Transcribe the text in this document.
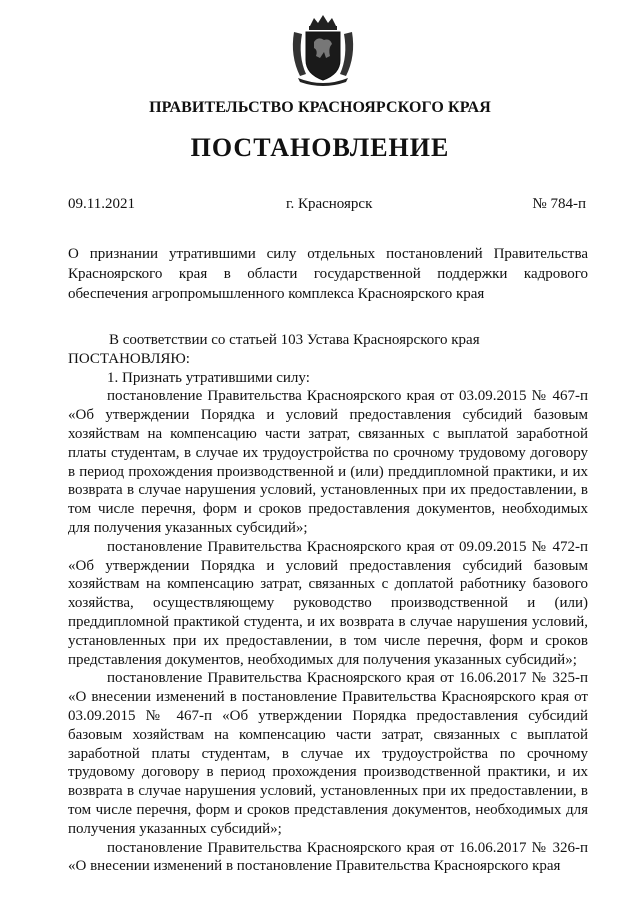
ПРАВИТЕЛЬСТВО КРАСНОЯРСКОГО КРАЯ
ПОСТАНОВЛЕНИЕ
09.11.2021	г. Красноярск	№ 784-п
О признании утратившими силу отдельных постановлений Правительства Красноярского края в области государственной поддержки кадрового обеспечения агропромышленного комплекса Красноярского края

В соответствии со статьей 103 Устава Красноярского края

ПОСТАНОВЛЯЮ:

1. Признать утратившими силу:

постановление Правительства Красноярского края от 03.09.2015 № 467-п «Об утверждении Порядка и условий предоставления субсидий базовым хозяйствам на компенсацию части затрат, связанных с выплатой заработной платы студентам, в случае их трудоустройства по срочному трудовому договору в период прохождения производственной и (или) преддипломной практики, и их возврата в случае нарушения условий, установленных при их предоставлении, в том числе перечня, форм и сроков предоставления документов, необходимых для получения указанных субсидий»;

постановление Правительства Красноярского края от 09.09.2015 № 472-п «Об утверждении Порядка и условий предоставления субсидий базовым хозяйствам на компенсацию затрат, связанных с доплатой работнику базового хозяйства, осуществляющему руководство производственной и (или) преддипломной практикой студента, и их возврата в случае нарушения условий, установленных при их предоставлении, в том числе перечня, форм и сроков представления документов, необходимых для получения указанных субсидий»;

постановление Правительства Красноярского края от 16.06.2017 № 325-п «О внесении изменений в постановление Правительства Красноярского края от 03.09.2015 № 467-п «Об утверждении Порядка предоставления субсидий базовым хозяйствам на компенсацию части затрат, связанных с выплатой заработной платы студентам, в случае их трудоустройства по срочному трудовому договору в период прохождения производственной практики, и их возврата в случае нарушения условий, установленных при их предоставлении, в том числе перечня, форм и сроков представления документов, необходимых для получения указанных субсидий»;

постановление Правительства Красноярского края от 16.06.2017 № 326-п «О внесении изменений в постановление Правительства Красноярского края
